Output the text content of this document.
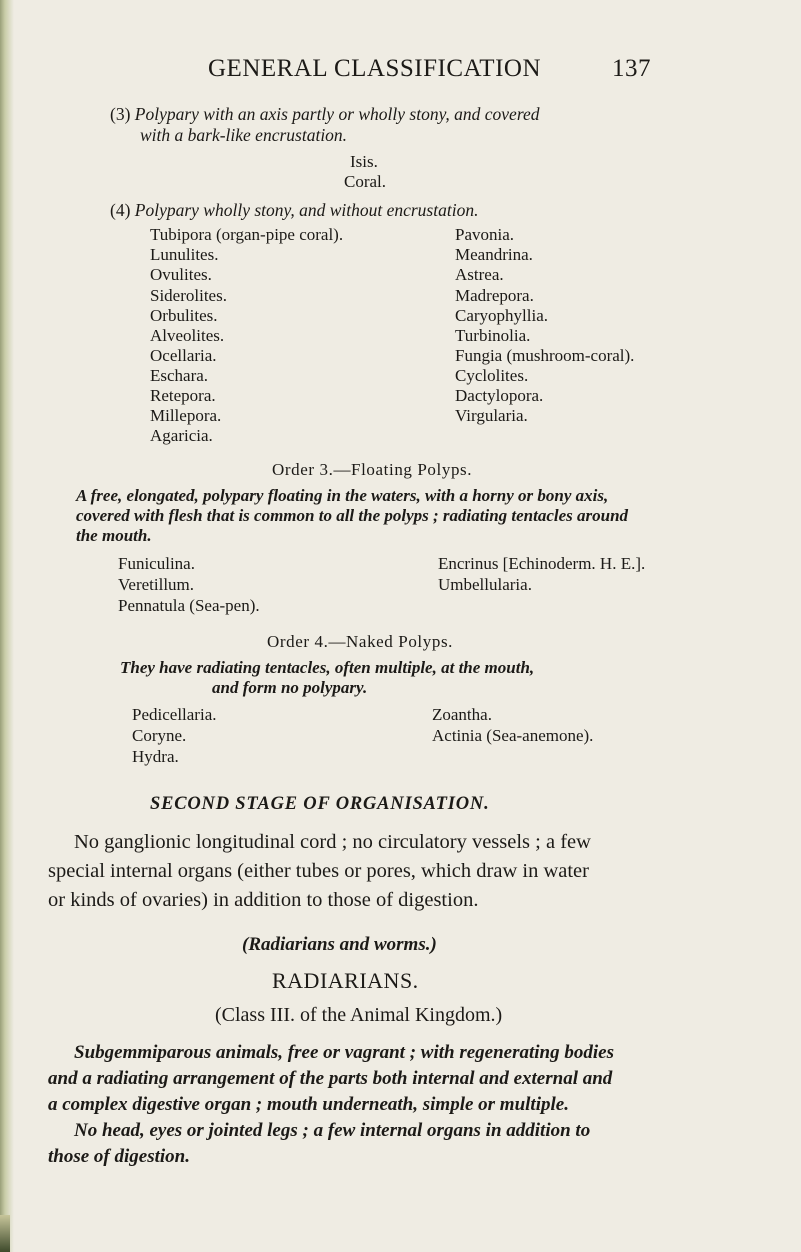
GENERAL CLASSIFICATION	137
(3) Polypary with an axis partly or wholly stony, and covered
with a bark-like encrustation.
Isis.
Coral.
(4) Polypary wholly stony, and without encrustation.
Tubipora (organ-pipe coral).
Lunulites.
Ovulites.
Siderolites.
Orbulites.
Alveolites.
Ocellaria.
Eschara.
Retepora.
Millepora.
Agaricia.
Pavonia.
Meandrina.
Astrea.
Madrepora.
Caryophyllia.
Turbinolia.
Fungia (mushroom-coral).
Cyclolites.
Dactylopora.
Virgularia.
Order 3.—Floating Polyps.
A free, elongated, polypary floating in the waters, with a horny or bony axis,
covered with flesh that is common to all the polyps ; radiating tentacles around
the mouth.
Funiculina.
Veretillum.
Pennatula (Sea-pen).
Encrinus [Echinoderm. H. E.].
Umbellularia.
Order 4.—Naked Polyps.
They have radiating tentacles, often multiple, at the mouth,
and form no polypary.
Pedicellaria.
Coryne.
Hydra.
Zoantha.
Actinia (Sea-anemone).
SECOND STAGE OF ORGANISATION.
No ganglionic longitudinal cord ; no circulatory vessels ; a few
special internal organs (either tubes or pores, which draw in water
or kinds of ovaries) in addition to those of digestion.
(Radiarians and worms.)
RADIARIANS.
(Class III. of the Animal Kingdom.)
Subgemmiparous animals, free or vagrant ; with regenerating bodies
and a radiating arrangement of the parts both internal and external and
a complex digestive organ ; mouth underneath, simple or multiple.
No head, eyes or jointed legs ; a few internal organs in addition to
those of digestion.
